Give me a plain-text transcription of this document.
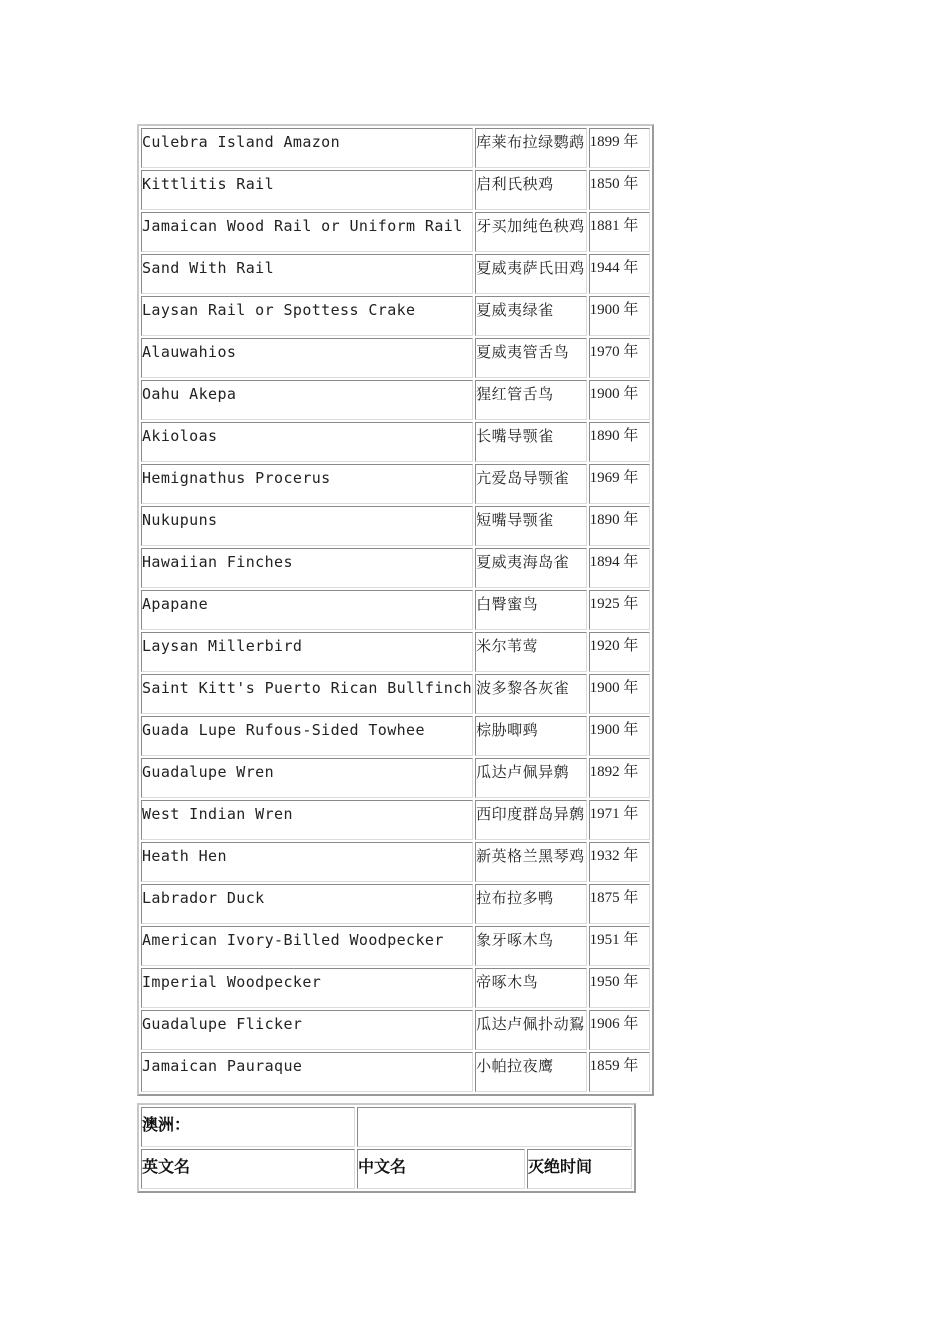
Culebra Island Amazon	库莱布拉绿鹦鹉	1899 年
Kittlitis Rail	启利氏秧鸡	1850 年
Jamaican Wood Rail or Uniform Rail	牙买加纯色秧鸡	1881 年
Sand With Rail	夏威夷萨氏田鸡	1944 年
Laysan Rail or Spottess Crake	夏威夷绿雀	1900 年
Alauwahios	夏威夷管舌鸟	1970 年
Oahu Akepa	猩红管舌鸟	1900 年
Akioloas	长嘴导颚雀	1890 年
Hemignathus Procerus	亢爱岛导颚雀	1969 年
Nukupuns	短嘴导颚雀	1890 年
Hawaiian Finches	夏威夷海岛雀	1894 年
Apapane	白臀蜜鸟	1925 年
Laysan Millerbird	米尔苇莺	1920 年
Saint Kitt's Puerto Rican Bullfinch	波多黎各灰雀	1900 年
Guada Lupe Rufous-Sided Towhee	棕胁唧鹀	1900 年
Guadalupe Wren	瓜达卢佩异鹩	1892 年
West Indian Wren	西印度群岛异鹩	1971 年
Heath Hen	新英格兰黑琴鸡	1932 年
Labrador Duck	拉布拉多鸭	1875 年
American Ivory-Billed Woodpecker	象牙啄木鸟	1951 年
Imperial Woodpecker	帝啄木鸟	1950 年
Guadalupe Flicker	瓜达卢佩扑动鴷	1906 年
Jamaican Pauraque	小帕拉夜鹰	1859 年
澳洲：		
英文名	中文名	灭绝时间
